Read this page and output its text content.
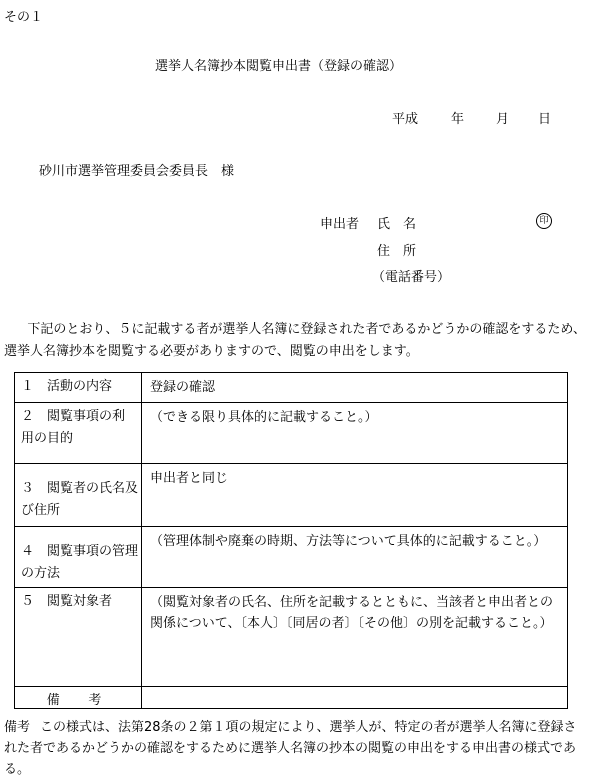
その１
選挙人名簿抄本閲覧申出書（登録の確認）
平成	年 月 日
砂川市選挙管理委員会委員長　様
申出者 氏　名	印
住　所
（電話番号）
下記のとおり、５に記載する者が選挙人名簿に登録された者であるかどうかの確認をするため、選挙人名簿抄本を閲覧する必要がありますので、閲覧の申出をします。
１　活動の内容	登録の確認

２　閲覧事項の利用の目的	（できる限り具体的に記載すること。）

３　閲覧者の氏名及び住所	申出者と同じ

４　閲覧事項の管理の方法	（管理体制や廃棄の時期、方法等について具体的に記載すること。）

５　閲覧対象者	（閲覧対象者の氏名、住所を記載するとともに、当該者と申出者との関係について、〔本人〕〔同居の者〕〔その他〕の別を記載すること。）

備　考	

備考 この様式は、法第28条の２第１項の規定により、選挙人が、特定の者が選挙人名簿に登録された者であるかどうかの確認をするために選挙人名簿の抄本の閲覧の申出をする申出書の様式である。
